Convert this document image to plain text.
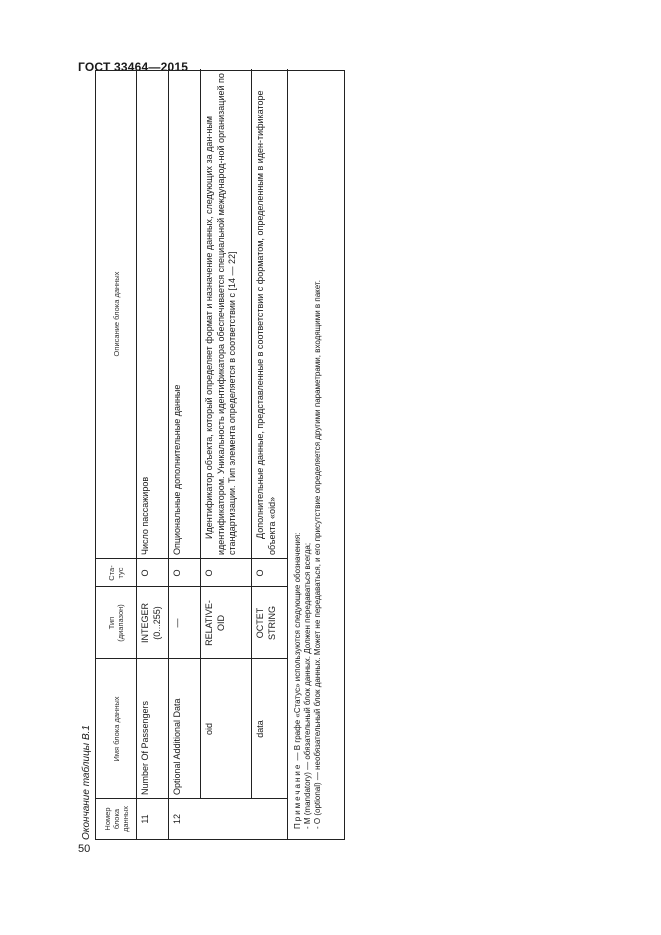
ГОСТ 33464—2015
50
Окончание таблицы В.1	Номер блока данных
Имя блока данных
Тип (диапазон)
Ста- тус
Описание блока данных
11
Number Of Passengers
INTEGER (0...255)
O
Число пассажиров
12
Optional Additional Data
—
O
Опциональные дополнительные данные
oid
RELATIVE- OID
O
Идентификатор объекта, который определяет формат и назначение данных, следующих за дан-ным идентификатором. Уникальность идентификатора обеспечивается специальной международ-ной организацией по стандартизации. Тип элемента определяется в соответствии с [14 — 22]
data
OCTET STRING
O
Дополнительные данные, представленные в соответствии с форматом, определенным в иден-тификаторе объекта «oid»
Примечание — В графе «Статус» используются следующие обозначения: - M (mandatory) — обязательный блок данных. Должен передаваться всегда; - O (optional) — необязательный блок данных. Может не передаваться, и его присутствие определяется другими параметрами, входящими в пакет.
